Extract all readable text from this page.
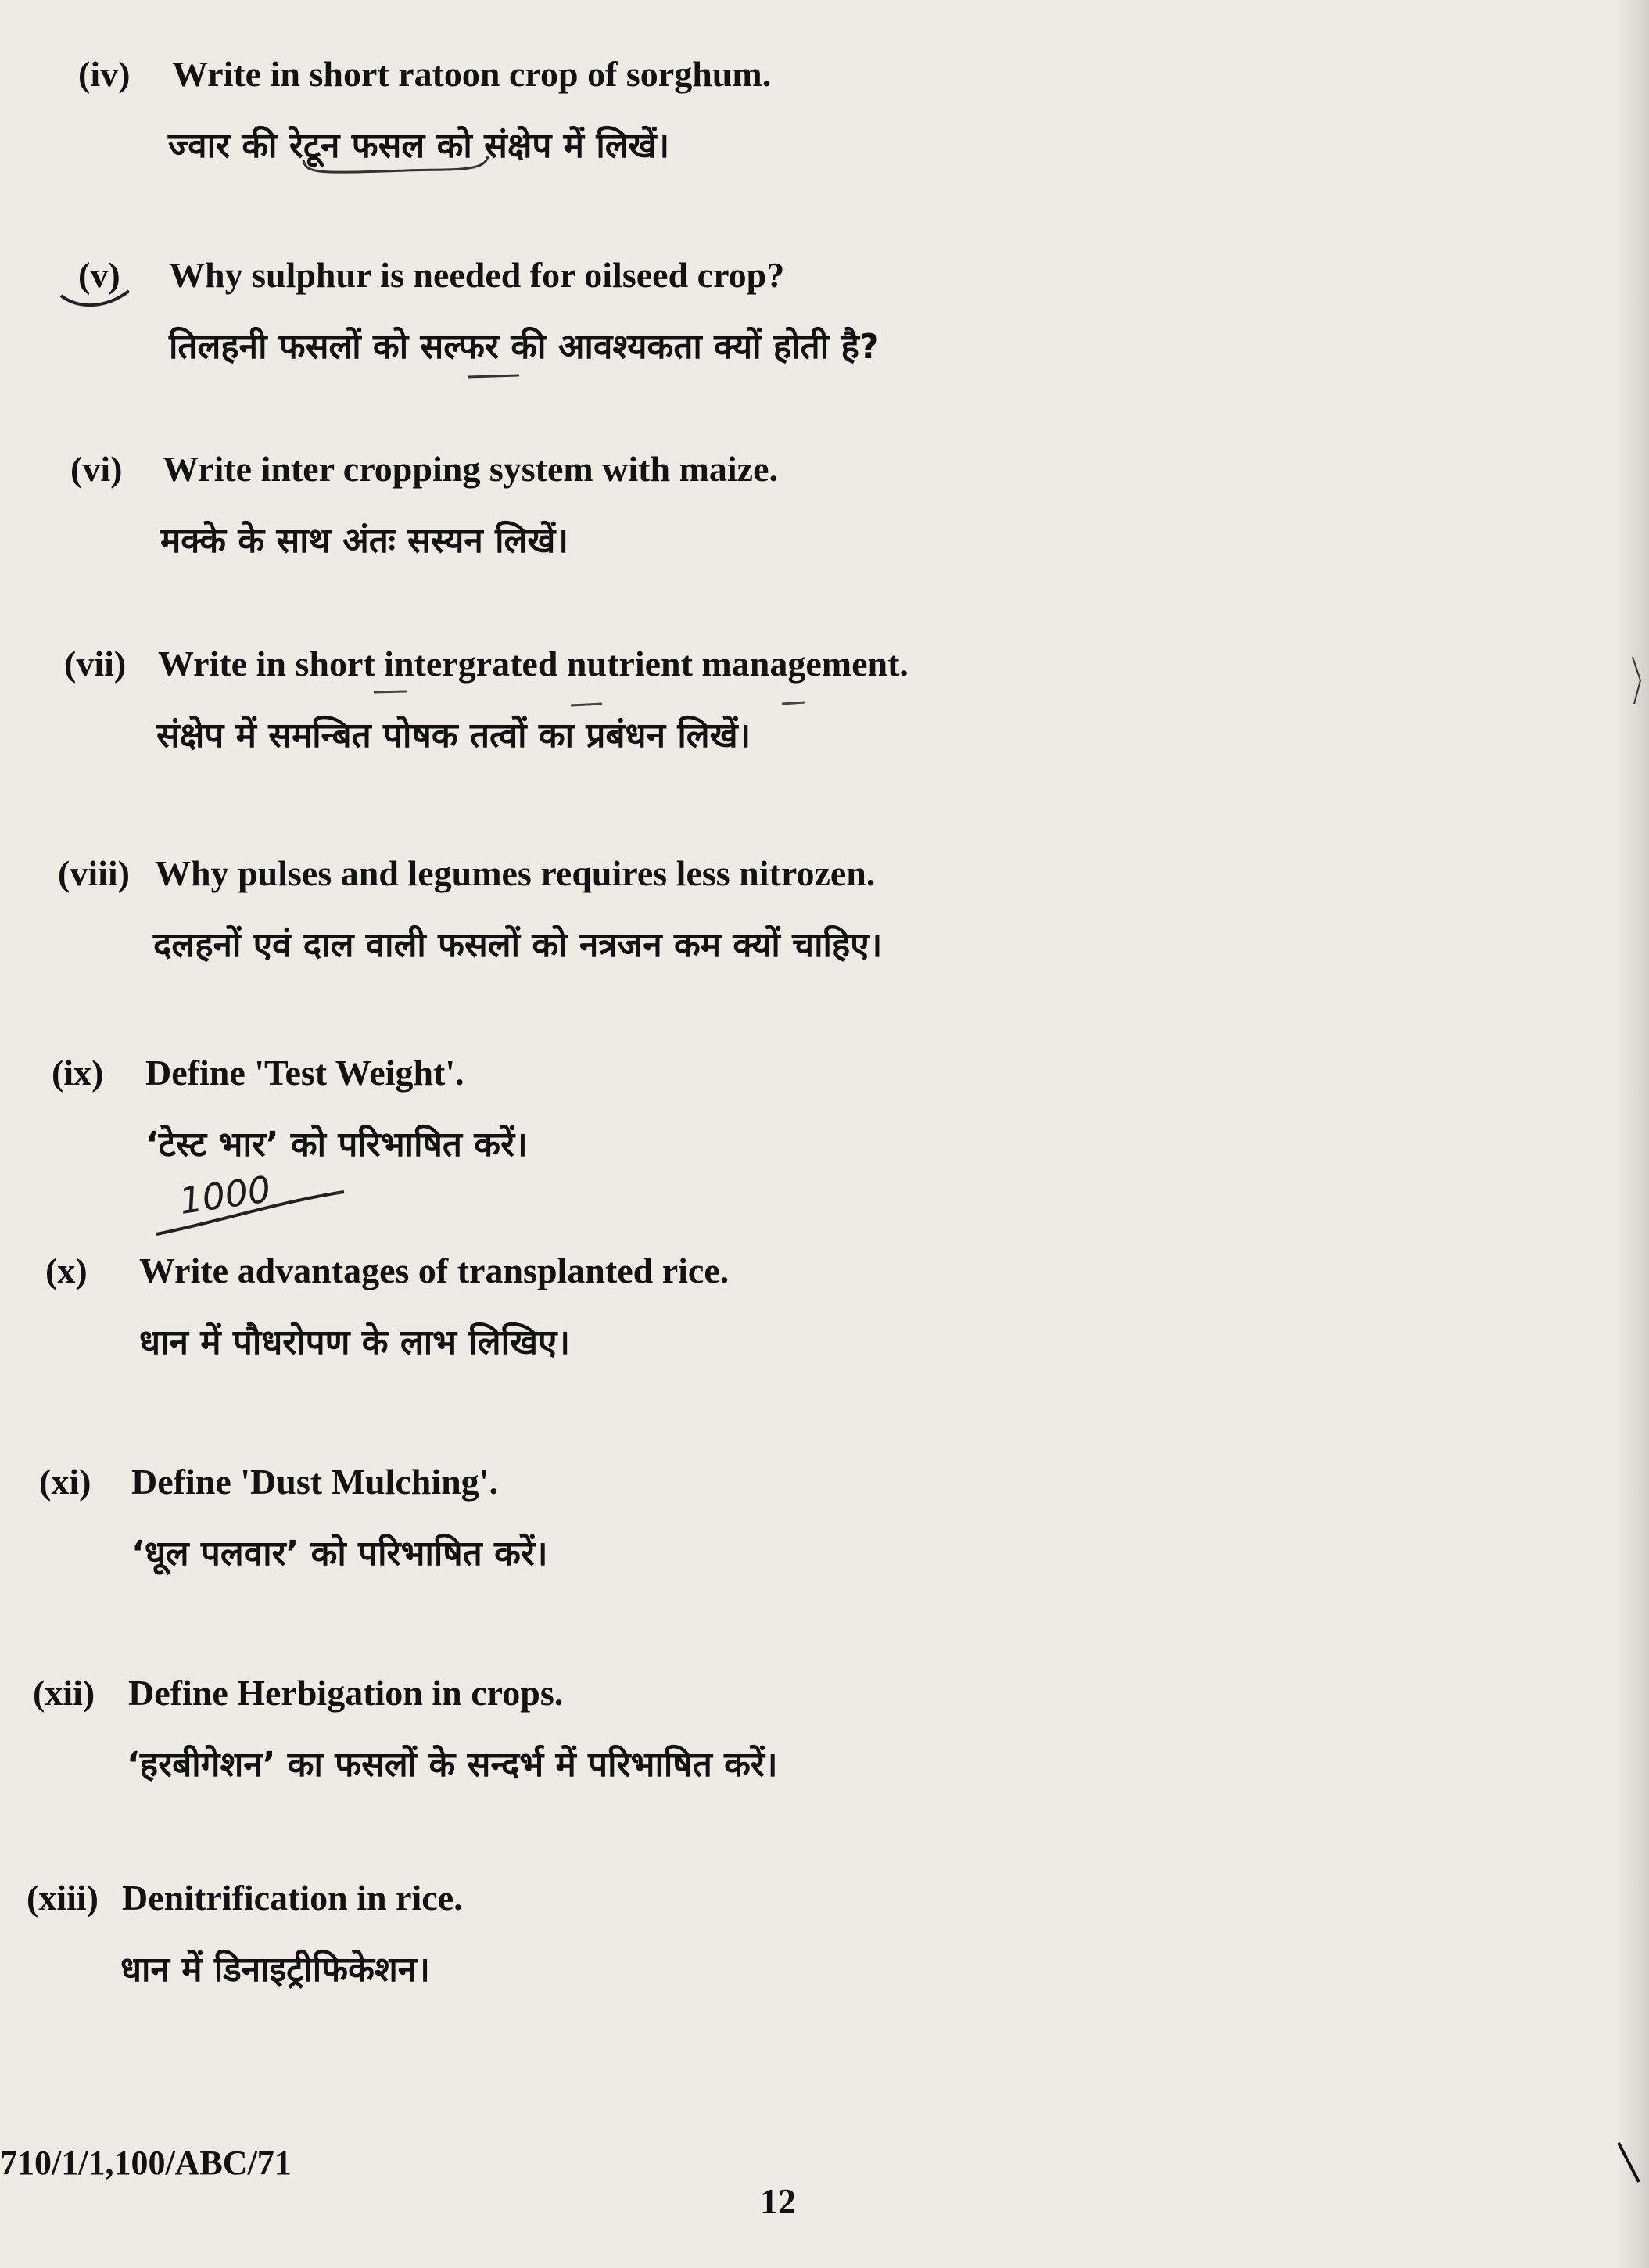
(iv) Write in short ratoon crop of sorghum.
ज्वार की रेटून फसल को संक्षेप में लिखें।
(v) Why sulphur is needed for oilseed crop?
तिलहनी फसलों को सल्फर की आवश्यकता क्यों होती है?
(vi) Write inter cropping system with maize.
मक्के के साथ अंतः सस्यन लिखें।
(vii) Write in short intergrated nutrient management.
संक्षेप में समन्बित पोषक तत्वों का प्रबंधन लिखें।
(viii) Why pulses and legumes requires less nitrozen.
दलहनों एवं दाल वाली फसलों को नत्रजन कम क्यों चाहिए।
(ix) Define 'Test Weight'.
‘टेस्ट भार’ को परिभाषित करें।
(x) Write advantages of transplanted rice.
धान में पौधरोपण के लाभ लिखिए।
(xi) Define 'Dust Mulching'.
‘धूल पलवार’ को परिभाषित करें।
(xii) Define Herbigation in crops.
‘हरबीगेशन’ का फसलों के सन्दर्भ में परिभाषित करें।
(xiii) Denitrification in rice.
धान में डिनाइट्रीफिकेशन।
710/1/1,100/ABC/71
12
1000
